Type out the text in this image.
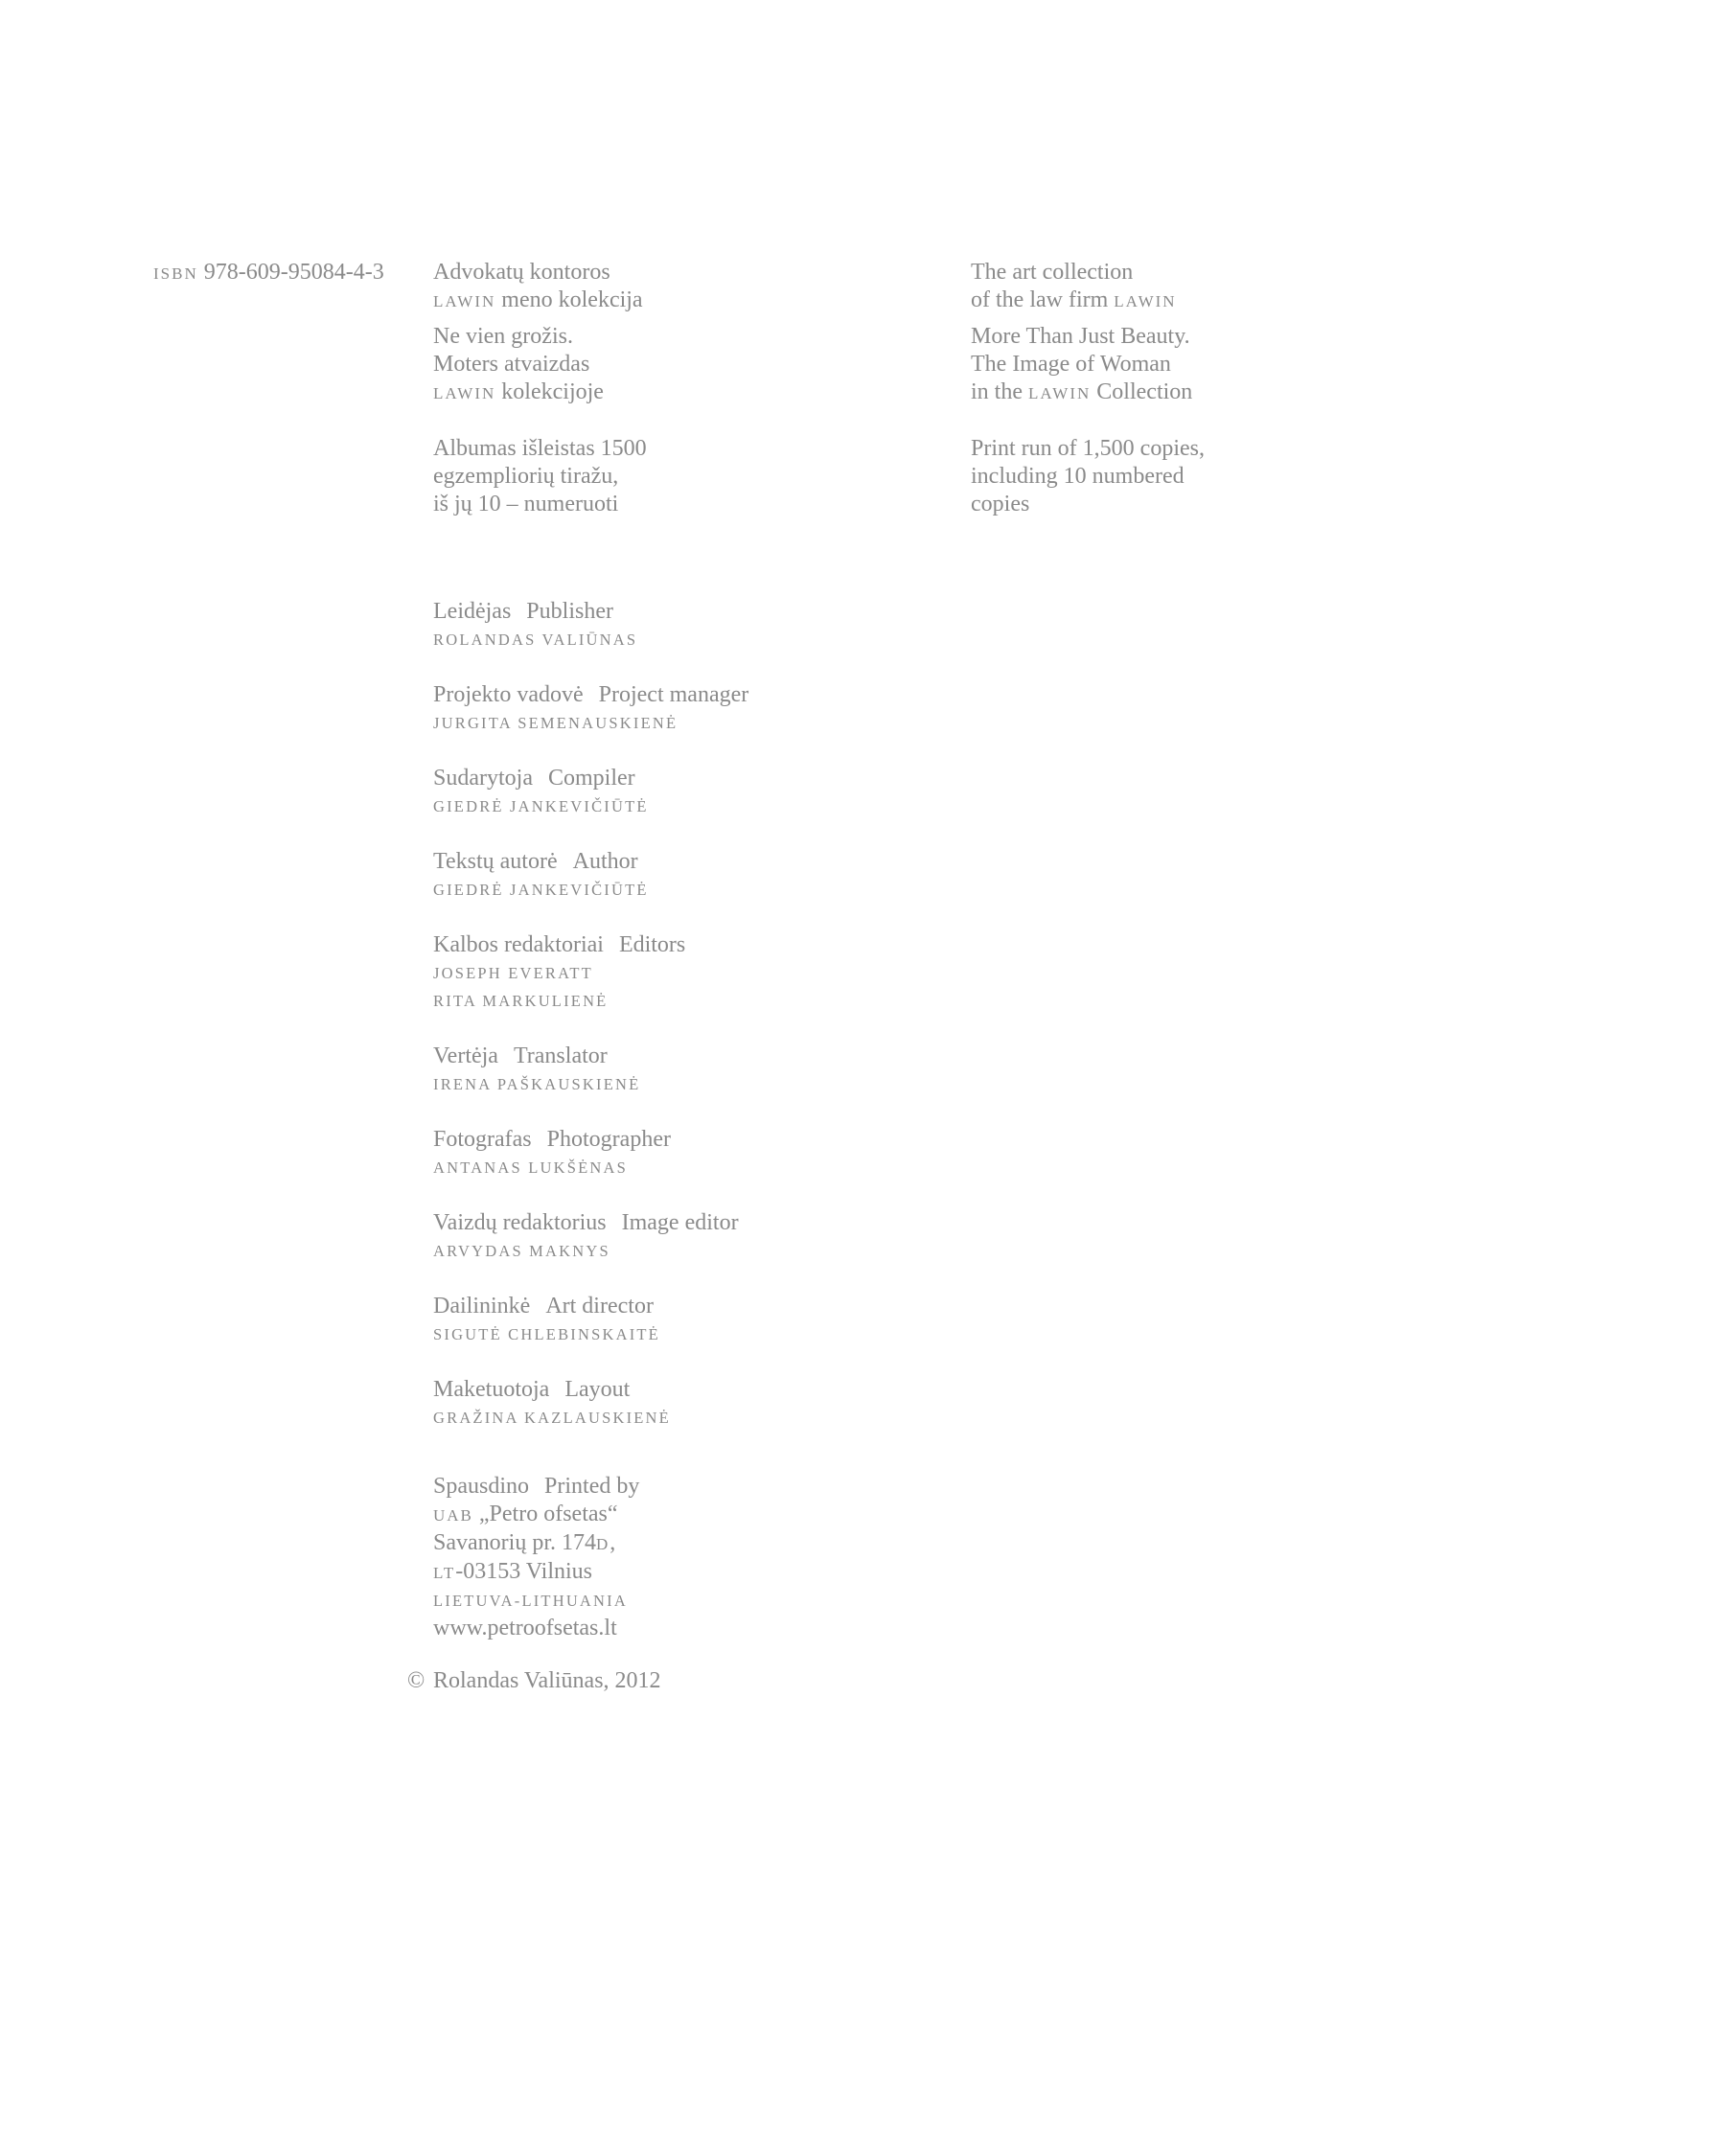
ISBN 978-609-95084-4-3 Advokatų kontoros
LAWIN meno kolekcija
Ne vien grožis.
Moters atvaizdas
LAWIN kolekcijoje
Albumas išleistas 1500
egzempliorių tiražu,
iš jų 10 – numeruoti
The art collection
of the law firm LAWIN
More Than Just Beauty.
The Image of Woman
in the LAWIN Collection
Print run of 1,500 copies,
including 10 numbered
copies
Leidėjas Publisher
ROLANDAS VALIŪNAS
Projekto vadovė Project manager
JURGITA SEMENAUSKIENĖ
Sudarytoja Compiler
GIEDRĖ JANKEVIČIŪTĖ
Tekstų autorė Author
GIEDRĖ JANKEVIČIŪTĖ
Kalbos redaktoriai Editors
JOSEPH EVERATT
RITA MARKULIENĖ
Vertėja Translator
IRENA PAŠKAUSKIENĖ
Fotografas Photographer
ANTANAS LUKŠĖNAS
Vaizdų redaktorius Image editor
ARVYDAS MAKNYS
Dailininkė Art director
SIGUTĖ CHLEBINSKAITĖ
Maketuotoja Layout
GRAŽINA KAZLAUSKIENĖ
Spausdino Printed by
UAB „Petro ofsetas“
Savanorių pr. 174D,
LT-03153 Vilnius
LIETUVA-LITHUANIA
www.petroofsetas.lt
© Rolandas Valiūnas, 2012
